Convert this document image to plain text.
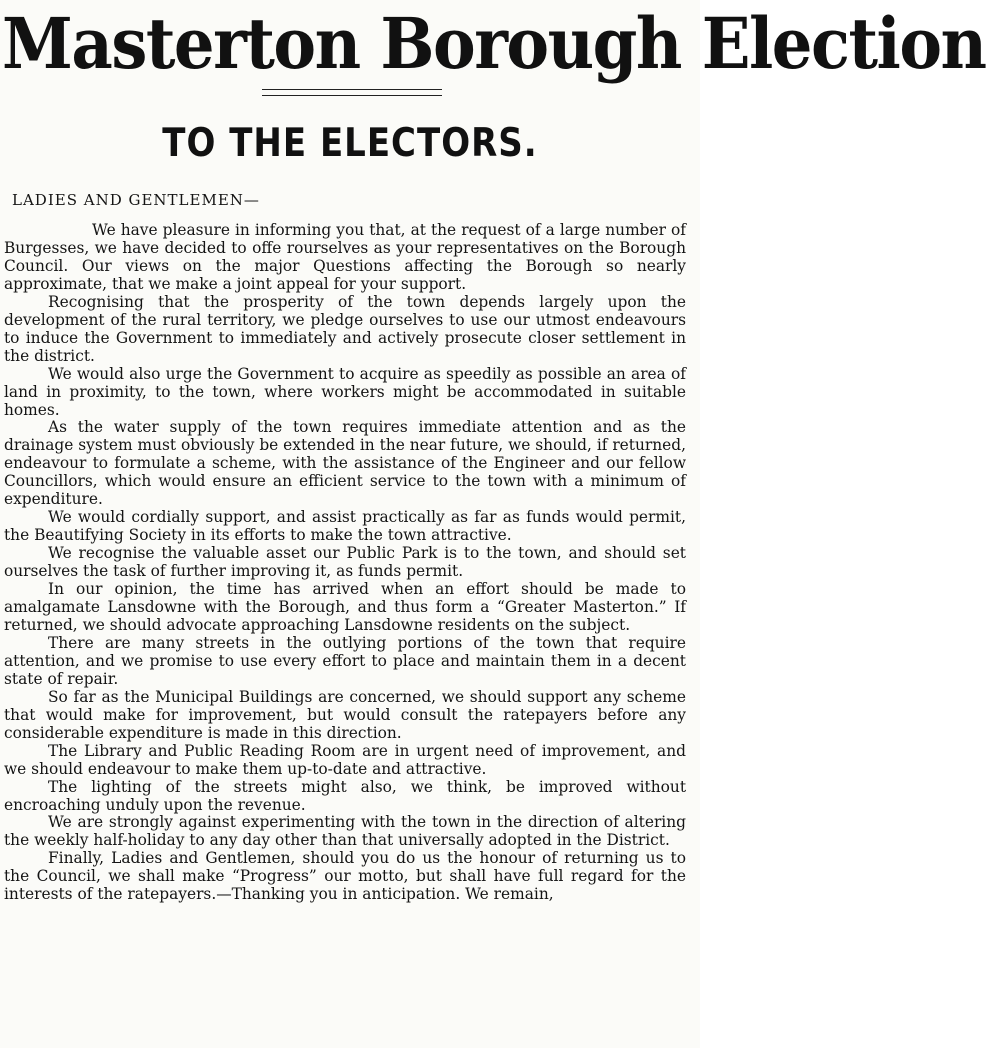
Masterton Borough Election
TO THE ELECTORS.
LADIES AND GENTLEMEN—

We have pleasure in informing you that, at the request of a large number of Burgesses, we have decided to offe rourselves as your representatives on the Borough Council. Our views on the major Questions affecting the Borough so nearly approximate, that we make a joint appeal for your support.

Recognising that the prosperity of the town depends largely upon the development of the rural territory, we pledge ourselves to use our utmost endeavours to induce the Government to immediately and actively prosecute closer settlement in the district.

We would also urge the Government to acquire as speedily as possible an area of land in proximity, to the town, where workers might be accommodated in suitable homes.

As the water supply of the town requires immediate attention and as the drainage system must obviously be extended in the near future, we should, if returned, endeavour to formulate a scheme, with the assistance of the Engineer and our fellow Councillors, which would ensure an efficient service to the town with a minimum of expenditure.

We would cordially support, and assist practically as far as funds would permit, the Beautifying Society in its efforts to make the town attractive.

We recognise the valuable asset our Public Park is to the town, and should set ourselves the task of further improving it, as funds permit.

In our opinion, the time has arrived when an effort should be made to amalgamate Lansdowne with the Borough, and thus form a “Greater Masterton.” If returned, we should advocate approaching Lansdowne residents on the subject.

There are many streets in the outlying portions of the town that require attention, and we promise to use every effort to place and maintain them in a decent state of repair.

So far as the Municipal Buildings are concerned, we should support any scheme that would make for improvement, but would consult the ratepayers before any considerable expenditure is made in this direction.

The Library and Public Reading Room are in urgent need of improvement, and we should endeavour to make them up-to-date and attractive.

The lighting of the streets might also, we think, be improved without encroaching unduly upon the revenue.

We are strongly against experimenting with the town in the direction of altering the weekly half-holiday to any day other than that universally adopted in the District.

Finally, Ladies and Gentlemen, should you do us the honour of returning us to the Council, we shall make “Progress” our motto, but shall have full regard for the interests of the ratepayers.—Thanking you in anticipation. We remain,
